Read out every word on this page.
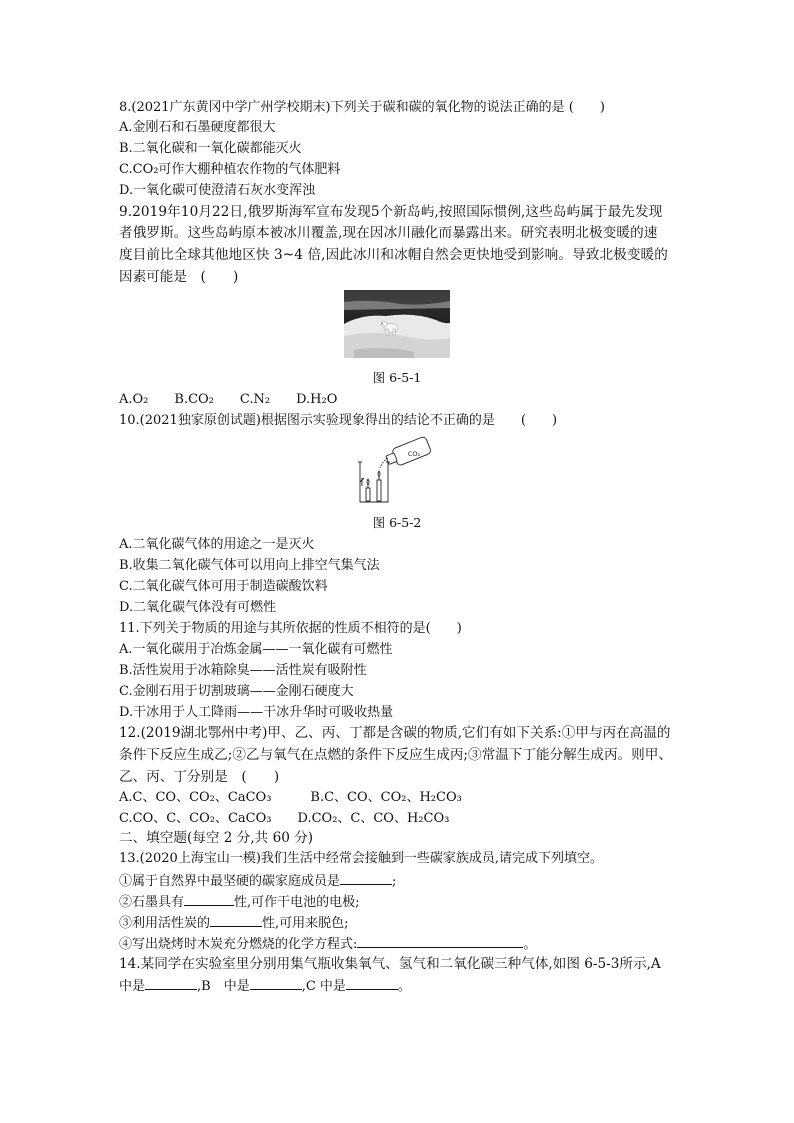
8.(2021广东黄冈中学广州学校期末)下列关于碳和碳的氧化物的说法正确的是 (　　)
A.金刚石和石墨硬度都很大
B.二氧化碳和一氧化碳都能灭火
C.CO₂可作大棚种植农作物的气体肥料
D.一氧化碳可使澄清石灰水变浑浊
9.2019年10月22日,俄罗斯海军宣布发现5个新岛屿,按照国际惯例,这些岛屿属于最先发现
者俄罗斯。这些岛屿原本被冰川覆盖,现在因冰川融化而暴露出来。研究表明北极变暖的速
度目前比全球其他地区快 3~4 倍,因此冰川和冰帽自然会更快地受到影响。导致北极变暖的
因素可能是　(　　)
图 6-5-1
A.O₂　　B.CO₂　　C.N₂　　D.H₂O
10.(2021独家原创试题)根据图示实验现象得出的结论不正确的是　　(　　)
CO₂
图 6-5-2
A.二氧化碳气体的用途之一是灭火
B.收集二氧化碳气体可以用向上排空气集气法
C.二氧化碳气体可用于制造碳酸饮料
D.二氧化碳气体没有可燃性
11.下列关于物质的用途与其所依据的性质不相符的是(　　)
A.一氧化碳用于冶炼金属——一氧化碳有可燃性
B.活性炭用于冰箱除臭——活性炭有吸附性
C.金刚石用于切割玻璃——金刚石硬度大
D.干冰用于人工降雨——干冰升华时可吸收热量
12.(2019湖北鄂州中考)甲、乙、丙、丁都是含碳的物质,它们有如下关系:①甲与丙在高温的
条件下反应生成乙;②乙与氧气在点燃的条件下反应生成丙;③常温下丁能分解生成丙。则甲、
乙、丙、丁分别是　(　　)
A.C、CO、CO₂、CaCO₃　　　B.C、CO、CO₂、H₂CO₃
C.CO、C、CO₂、CaCO₃　　D.CO₂、C、CO、H₂CO₃
二、填空题(每空 2 分,共 60 分)
13.(2020上海宝山一模)我们生活中经常会接触到一些碳家族成员,请完成下列填空。
①属于自然界中最坚硬的碳家庭成员是	;
②石墨具有	性,可作干电池的电极;
③利用活性炭的	性,可用来脱色;
④写出烧烤时木炭充分燃烧的化学方程式:	。
14.某同学在实验室里分别用集气瓶收集氧气、氢气和二氧化碳三种气体,如图 6-5-3所示,A
中是	,B　中是	,C 中是	。
